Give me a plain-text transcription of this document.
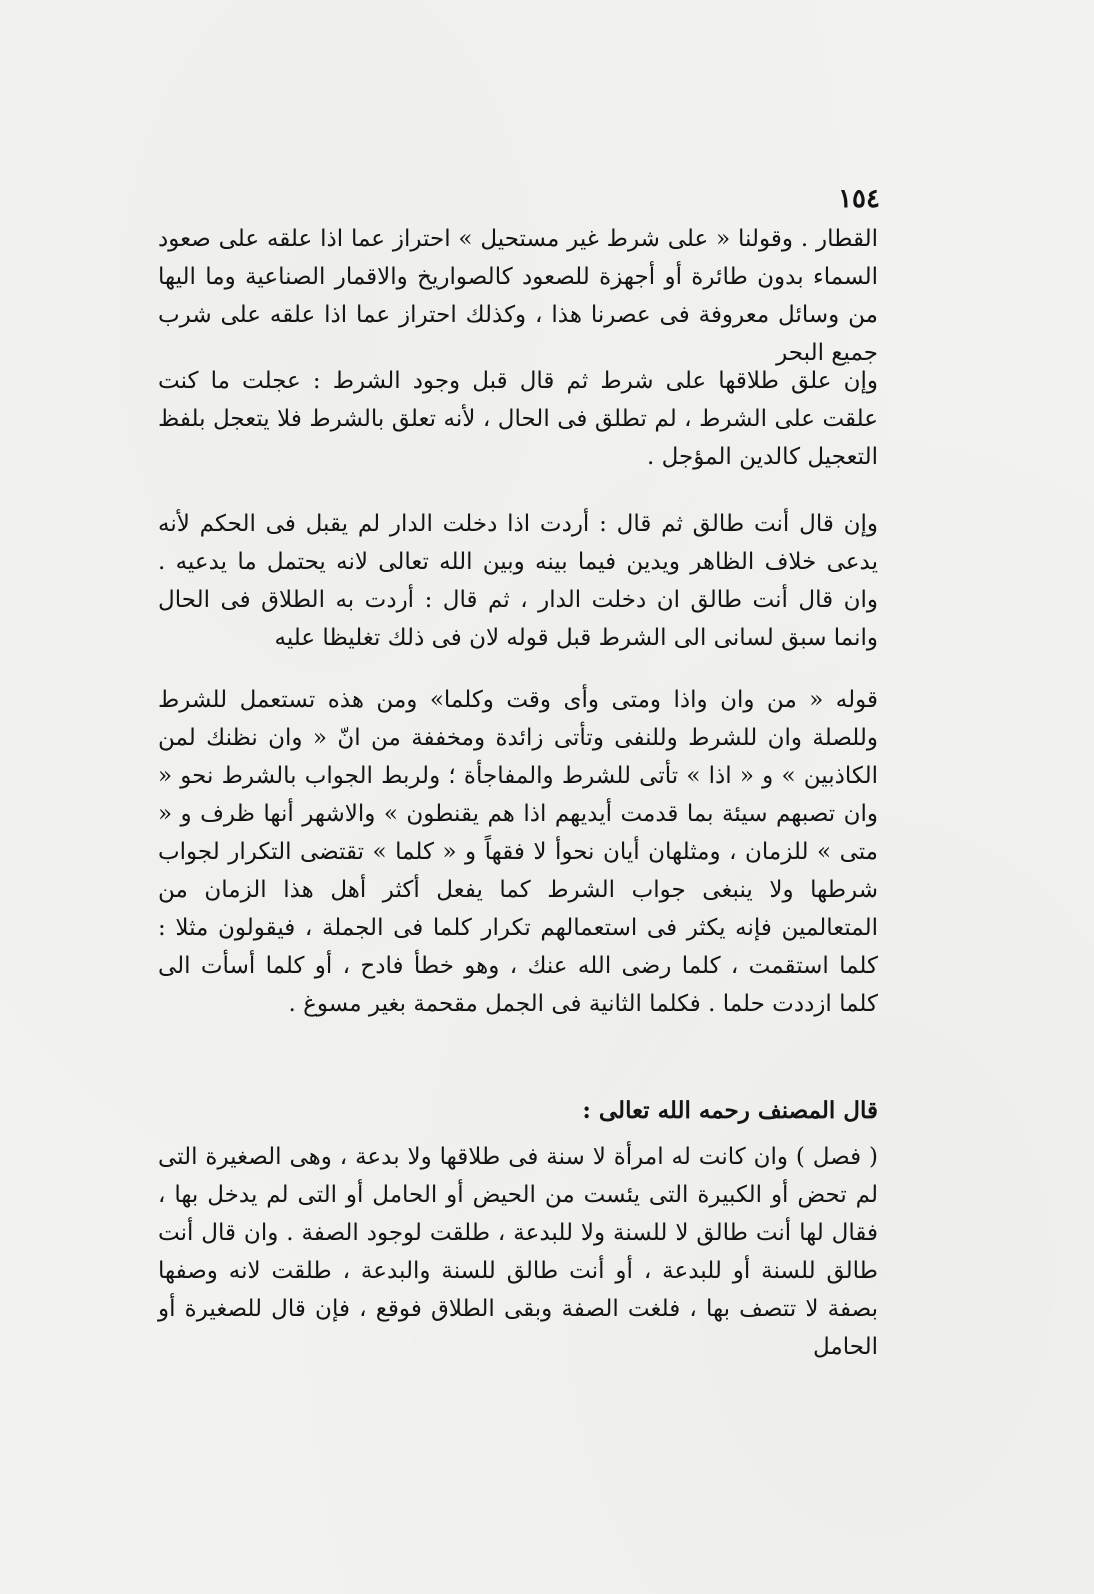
١٥٤

القطار . وقولنا « على شرط غير مستحيل » احتراز عما اذا علقه على صعود السماء بدون طائرة أو أجهزة للصعود كالصواريخ والاقمار الصناعية وما اليها من وسائل معروفة فى عصرنا هذا ، وكذلك احتراز عما اذا علقه على شرب جميع البحر

وإن علق طلاقها على شرط ثم قال قبل وجود الشرط : عجلت ما كنت علقت على الشرط ، لم تطلق فى الحال ، لأنه تعلق بالشرط فلا يتعجل بلفظ التعجيل كالدين المؤجل .

وإن قال أنت طالق ثم قال : أردت اذا دخلت الدار لم يقبل فى الحكم لأنه يدعى خلاف الظاهر ويدين فيما بينه وبين الله تعالى لانه يحتمل ما يدعيه . وان قال أنت طالق ان دخلت الدار ، ثم قال : أردت به الطلاق فى الحال وانما سبق لسانى الى الشرط قبل قوله لان فى ذلك تغليظا عليه

قوله « من وان واذا ومتى وأى وقت وكلما» ومن هذه تستعمل للشرط وللصلة وان للشرط وللنفى وتأتى زائدة ومخففة من انّ « وان نظنك لمن الكاذبين » و « اذا » تأتى للشرط والمفاجأة ؛ ولربط الجواب بالشرط نحو « وان تصبهم سيئة بما قدمت أيديهم اذا هم يقنطون » والاشهر أنها ظرف و « متى » للزمان ، ومثلهان أيان نحوأ لا فقهاً و « كلما » تقتضى التكرار لجواب شرطها ولا ينبغى جواب الشرط كما يفعل أكثر أهل هذا الزمان من المتعالمين فإنه يكثر فى استعمالهم تكرار كلما فى الجملة ، فيقولون مثلا : كلما استقمت ، كلما رضى الله عنك ، وهو خطأ فادح ، أو كلما أسأت الى كلما ازددت حلما . فكلما الثانية فى الجمل مقحمة بغير مسوغ .

قال المصنف رحمه الله تعالى :

( فصل ) وان كانت له امرأة لا سنة فى طلاقها ولا بدعة ، وهى الصغيرة التى لم تحض أو الكبيرة التى يئست من الحيض أو الحامل أو التى لم يدخل بها ، فقال لها أنت طالق لا للسنة ولا للبدعة ، طلقت لوجود الصفة . وان قال أنت طالق للسنة أو للبدعة ، أو أنت طالق للسنة والبدعة ، طلقت لانه وصفها بصفة لا تتصف بها ، فلغت الصفة وبقى الطلاق فوقع ، فإن قال للصغيرة أو الحامل
